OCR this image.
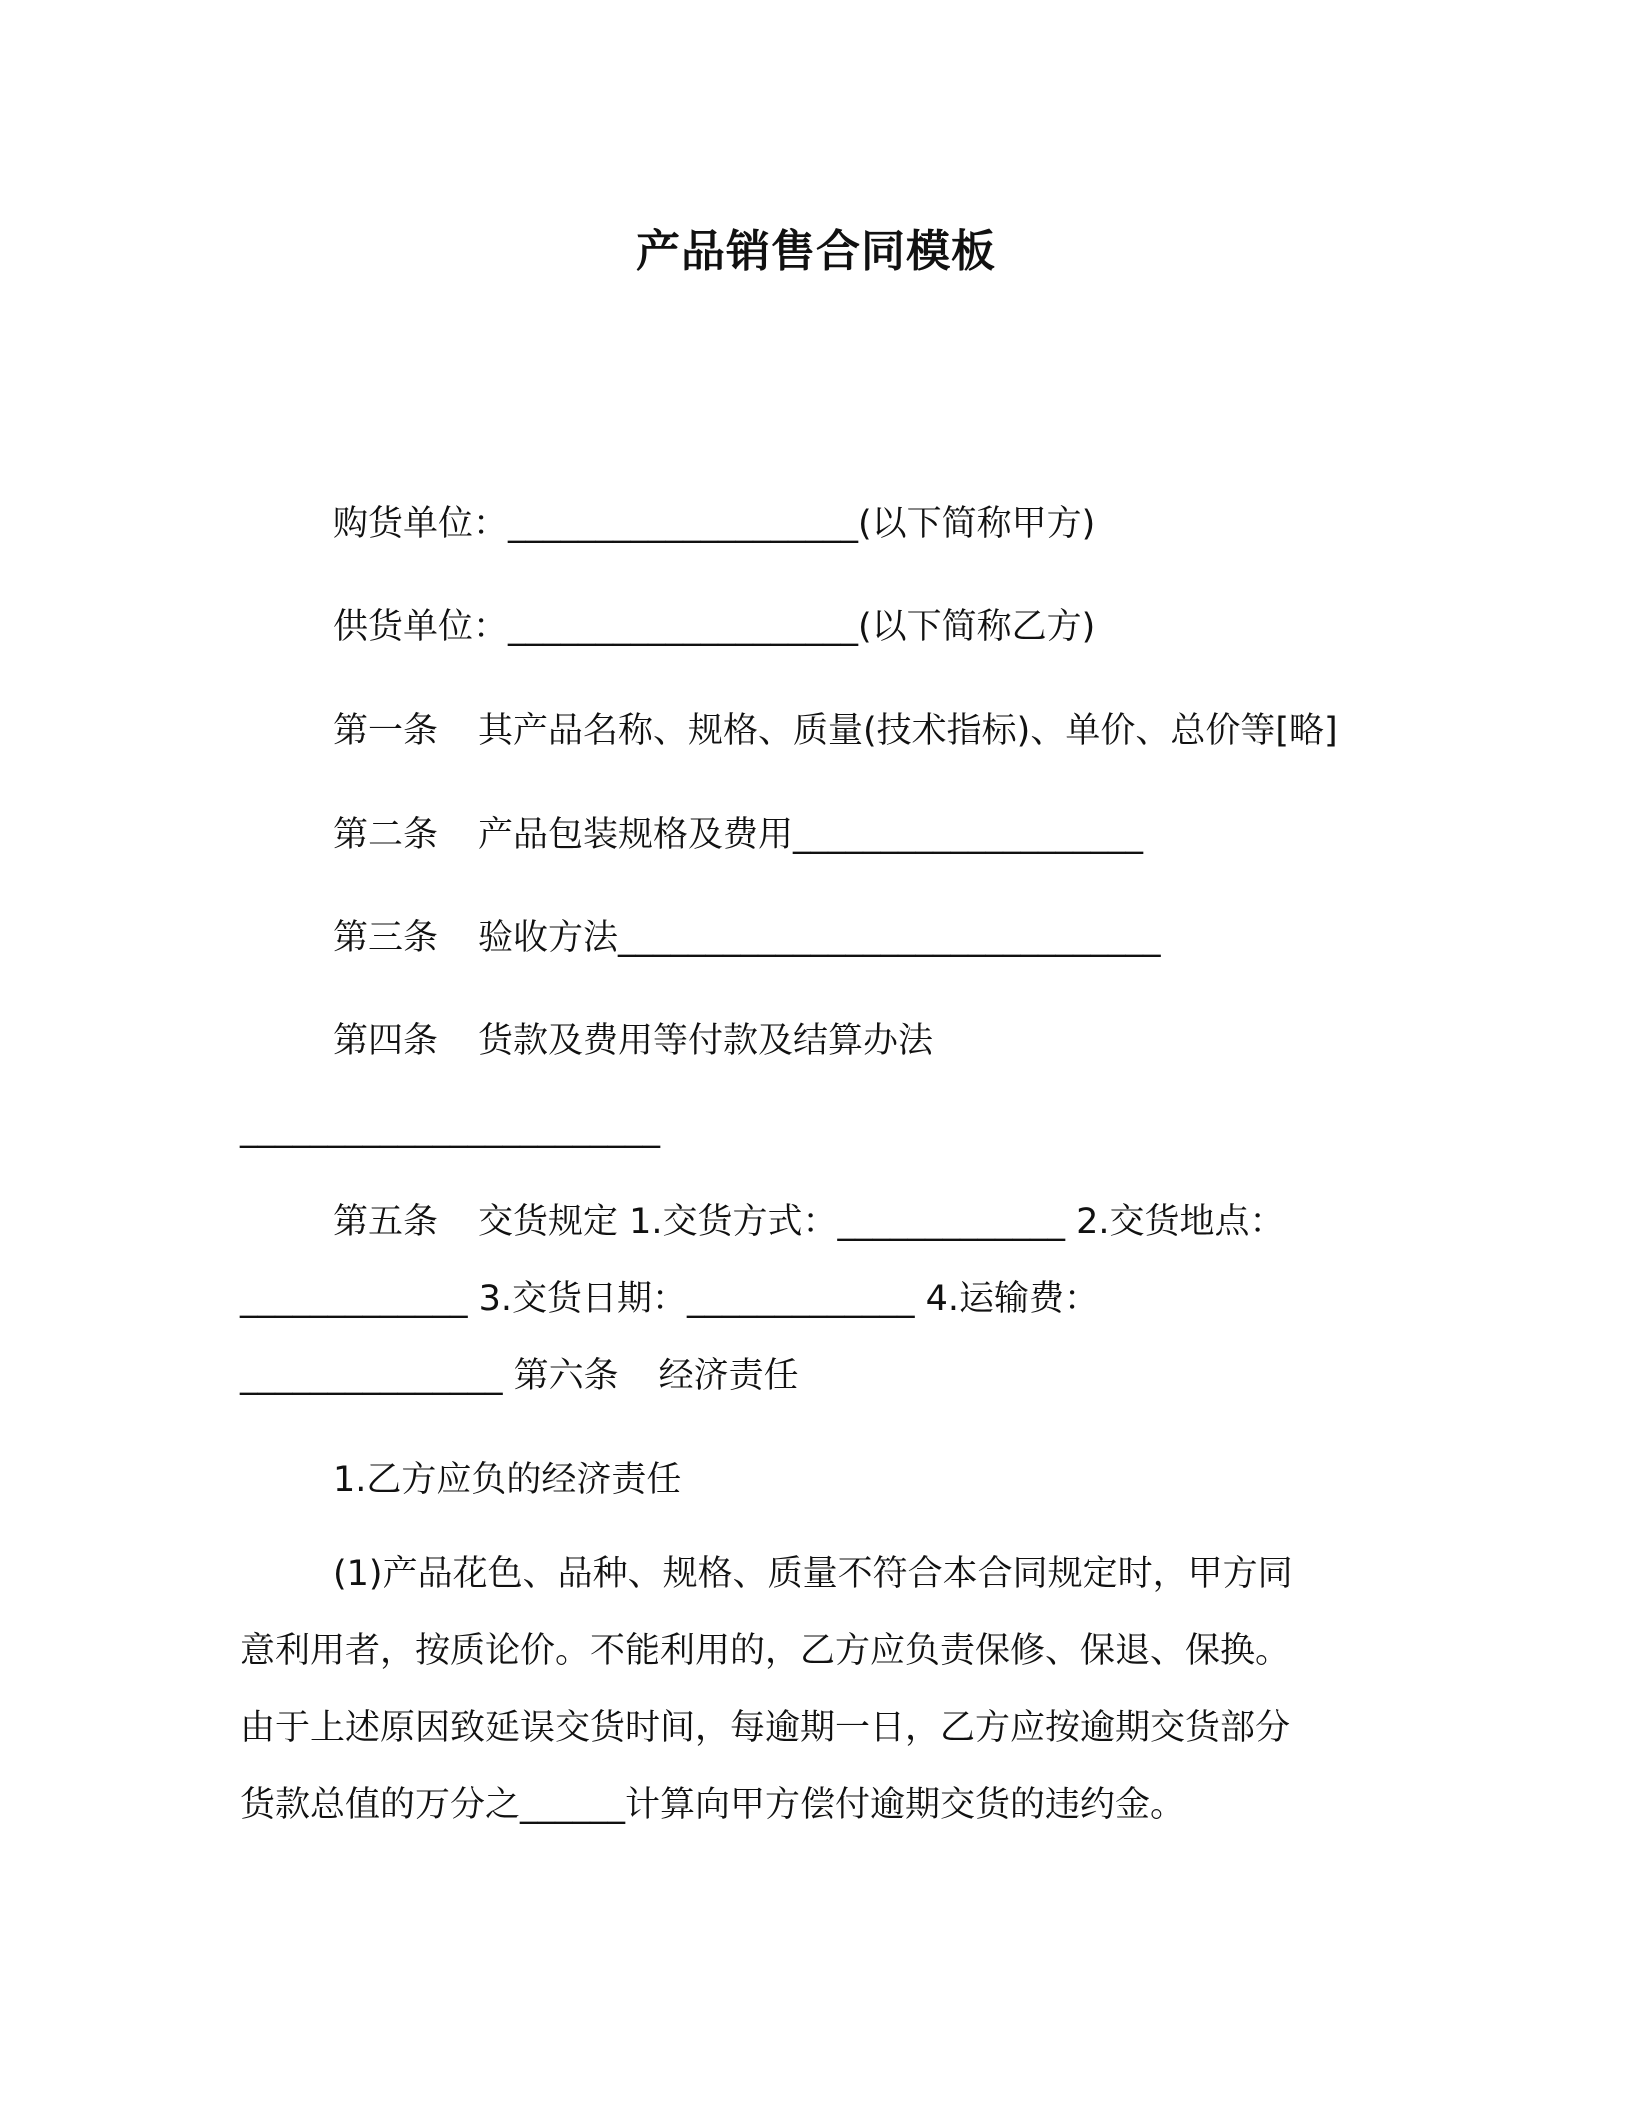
产品销售合同模板
购货单位：____________________(以下简称甲方)
供货单位：____________________(以下简称乙方)
第一条 其产品名称、规格、质量(技术指标)、单价、总价等[略]
第二条 产品包装规格及费用____________________
第三条 验收方法_______________________________
第四条 货款及费用等付款及结算办法
________________________
第五条 交货规定 1.交货方式：_____________ 2.交货地点：
_____________ 3.交货日期：_____________ 4.运输费：
_______________ 第六条 经济责任
1.乙方应负的经济责任
(1)产品花色、品种、规格、质量不符合本合同规定时，甲方同
意利用者，按质论价。不能利用的，乙方应负责保修、保退、保换。
由于上述原因致延误交货时间，每逾期一日，乙方应按逾期交货部分
货款总值的万分之______计算向甲方偿付逾期交货的违约金。
